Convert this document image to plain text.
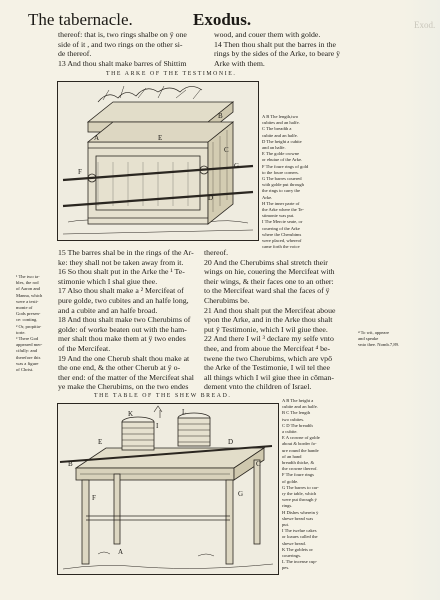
Exod.
The tabernacle.	Exodus.
thereof: that is, two rings shalbe on ÿ one
side of it , and two rings on the other si-
de thereof.
13 And thou shalt make barres of Shittim
wood, and couer them with golde.
14 Then thou shalt put the barres in the
rings by the sides of the Arke, to beare ÿ
Arke with them.
THE ARKE OF THE TESTIMONIE.
A	E
B
C
F
G
D
A B The length,two
cubites and an halfe.
C The breadth a
cubite and an halfe.
D The height a cubite
and an halfe.
E The golde crowne
or ebuiue of the Arke.
F The foure rings of gold
to the foure corners.
G The barres couered
with golde put through
the rings to carry the
Arke.
H The inner parte of
the Arke where the Te-
stimonie was put.
I The Mercie seate, or
couering of the Arke
where the Cherubims
were placed, whereof
came forth the voice
¹ The two ta-
bles, the rod
of Aaron and
Manna, which
were a testi-
monie of
Gods presen-
ce: conting.
² Or, propitia-
torie.
³ There God
appeared mer-
cifully: and
therefore this
was a figure
of Christ.
15 The barres shal be in the rings of the Ar-
ke: they shall not be taken away from it.
16 So thou shalt put in the Arke the ¹ Te-
stimonie which I shal giue thee.
17 Also thou shalt make a ² Mercifeat of
pure golde, two cubites and an halfe long,
and a cubite and an halfe broad.
18 And thou shalt make two Cherubims of
golde: of worke beaten out with the ham-
mer shalt thou make them at ÿ two endes
of the Mercifeat.
19 And the one Cherub shalt thou make at
the one end, & the other Cherub at ÿ o-
ther end: of the matter of the Mercifeat shal
ye make the Cherubims, on the two endes
thereof.
20 And the Cherubims shal stretch their
wings on hie, couering the Mercifeat with
their wings, & their faces one to an other:
to the Mercifeat ward shal the faces of ÿ
Cherubims be.
21 And thou shalt put the Mercifeat aboue
vpon the Arke, and in the Arke thou shalt
put ÿ Testimonie, which I wil giue thee.
22 And there I wil ³ declare my selfe vnto
thee, and from aboue the Mercifeat ⁴ be-
twene the two Cherubims, which are vpő
the Arke of the Testimonie, I wil tel thee
all things which I wil giue thee in cōman-
dement vnto the children of Israel.
⁴ To wit, appeare
and speake
vnto thee. Nomb.7,89.
THE TABLE OF THE SHEW BREAD.
K	L
I
B
E	D
C
G
F
A
A B The height a
cubite and an halfe.
B C The length
two cubites.
C D The breadth
a cubite.
E A crowne of golde
about & border fo-
ure round the hande
of an hand
breadth thicke, &
the crowne thereof.
F The foure rings
of golde.
G The barres to car-
ry the table, which
were put through ÿ
rings.
H Dishes wherein ÿ
shewe bread was
put.
I The twelue cakes
or loaues called the
shewe bread.
K The goblets or
couerings.
L The incense cup-
pes.
